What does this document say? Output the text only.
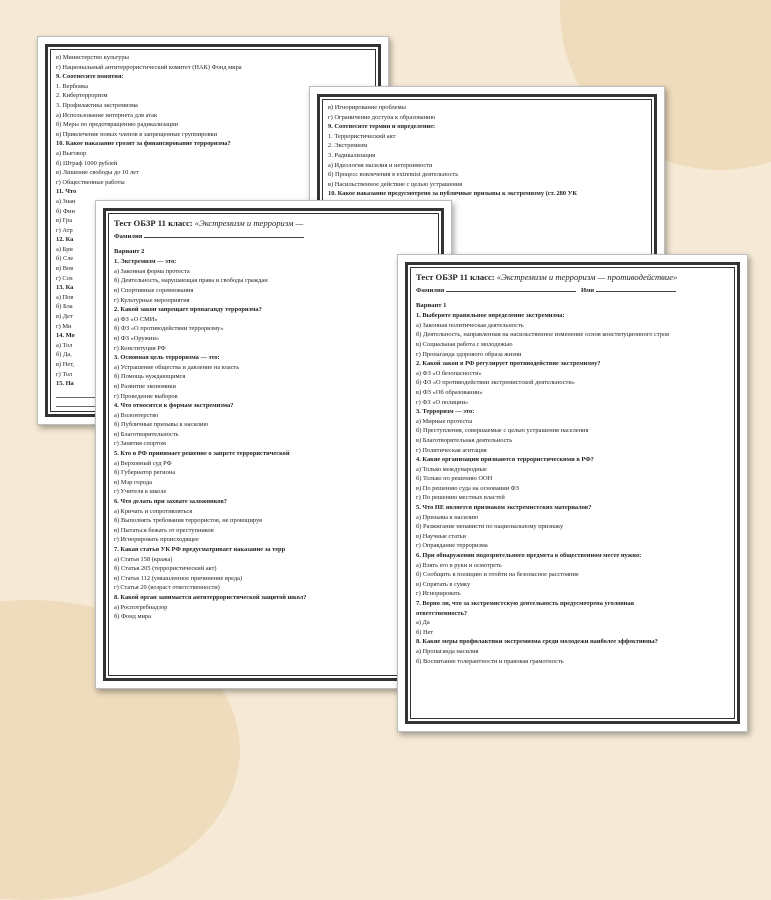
в) Министерство культуры
г) Национальный антитеррористический комитет (НАК) Фонд мира
9. Соотнесите понятия:
1. Вербовка
2. Кибертерроризм
3. Профилактика экстремизма
а) Использование интернета для атак
б) Меры по предотвращению радикализации
в) Привлечение новых членов в запрещенные группировки
10. Какое наказание грозит за финансирование терроризма?
а) Выговор
б) Штраф 1000 рублей
в) Лишение свободы до 10 лет
г) Общественные работы
11. Что
а) Знан
б) Фин
в) Гра
г) Атр
12. Ка
а) Бри
б) Сле
в) Вов
г) Сох
13. Ка
а) Пов
б) Бла
в) Дет
г) Ми
14. Мо
а) Тол
б) Да,
в) Нет,
г) Тол
15. На
в) Игнорирование проблемы
г) Ограничение доступа к образованию
9. Соотнесите термин и определение:
1. Террористический акт
2. Экстремизм
3. Радикализация
а) Идеология насилия и нетерпимости
б) Процесс вовлечения в extremist деятельность
в) Насильственное действие с целью устрашения
10. Какое наказание предусмотрено за публичные призывы к экстремизму (ст. 280 УК
Тест ОБЗР 11 класс: «Экстремизм и терроризм —
Фамилия
Вариант 2
1. Экстремизм — это:
а) Законная форма протеста
б) Деятельность, нарушающая права и свободы граждан
в) Спортивные соревнования
г) Культурные мероприятия
2. Какой закон запрещает пропаганду терроризма?
а) ФЗ «О СМИ»
б) ФЗ «О противодействии терроризму»
в) ФЗ «Оружии»
г) Конституция РФ
3. Основная цель терроризма — это:
а) Устрашение общества и давление на власть
б) Помощь нуждающимся
в) Развитие экономики
г) Проведение выборов
4. Что относится к формам экстремизма?
а) Волонтерство
б) Публичные призывы к насилию
в) Благотворительность
г) Занятия спортом
5. Кто в РФ принимает решение о запрете террористической
а) Верховный суд РФ
б) Губернатор региона
в) Мэр города
г) Учителя в школе
6. Что делать при захвате заложников?
а) Кричать и сопротивляться
б) Выполнять требования террористов, не провоцируя
в) Пытаться бежать от преступников
г) Игнорировать происходящее
7. Какая статья УК РФ предусматривает наказание за терр
а) Статья 158 (кража)
б) Статья 205 (террористический акт)
в) Статья 112 (умышленное причинение вреда)
г) Статья 20 (возраст ответственности)
8. Какой орган занимается антитеррористической защитой школ?
а) Роспотребнадзор
б) Фонд мира
Тест ОБЗР 11 класс: «Экстремизм и терроризм — противодействие»
Фамилия	Имя
Вариант 1
1. Выберите правильное определение экстремизма:
а) Законная политическая деятельность
б) Деятельность, направленная на насильственное изменение основ конституционного строя
в) Социальная работа с молодежью
г) Пропаганда здорового образа жизни
2. Какой закон в РФ регулирует противодействие экстремизму?
а) ФЗ «О безопасности»
б) ФЗ «О противодействии экстремистской деятельности»
в) ФЗ «Об образовании»
г) ФЗ «О полиции»
3. Терроризм — это:
а) Мирные протесты
б) Преступления, совершаемые с целью устрашения населения
в) Благотворительная деятельность
г) Политическая агитация
4. Какие организации признаются террористическими в РФ?
а) Только международные
б) Только по решению ООН
в) По решению суда на основании ФЗ
г) По решению местных властей
5. Что НЕ является признаком экстремистских материалов?
а) Призывы к насилию
б) Разжигание ненависти по национальному признаку
в) Научные статьи
г) Оправдание терроризма
6. При обнаружении подозрительного предмета в общественном месте нужно:
а) Взять его в руки и осмотреть
б) Сообщить в полицию и отойти на безопасное расстояние
в) Спрятать в сумку
г) Игнорировать
7. Верно ли, что за экстремистскую деятельность предусмотрена уголовная
ответственность?
а) Да
б) Нет
8. Какие меры профилактики экстремизма среди молодежи наиболее эффективны?
а) Пропаганда насилия
б) Воспитание толерантности и правовая грамотность
